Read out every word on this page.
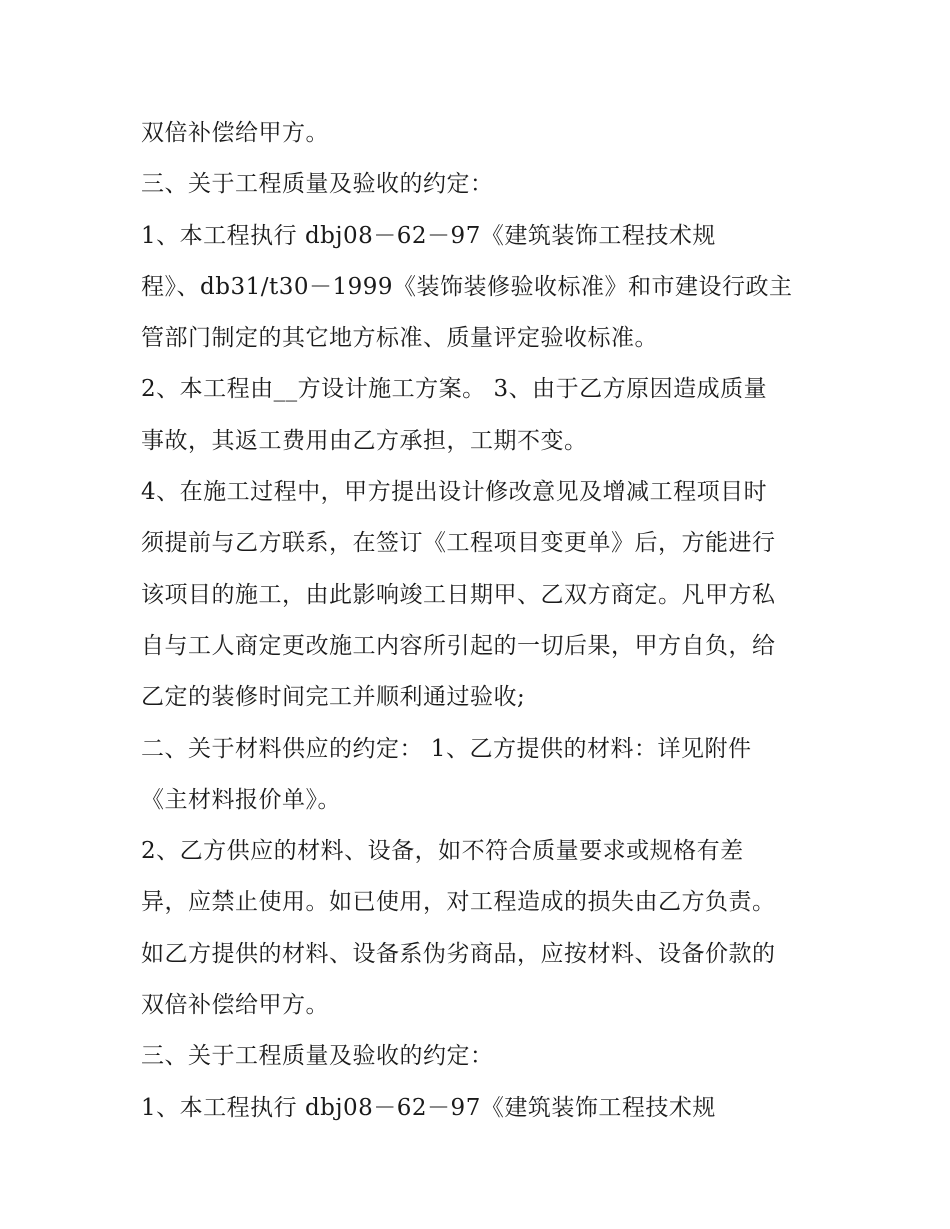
双倍补偿给甲方。
三、关于工程质量及验收的约定：
1、本工程执行 dbj08－62－97《建筑装饰工程技术规
程》、db31/t30－1999《装饰装修验收标准》和市建设行政主
管部门制定的其它地方标准、质量评定验收标准。
2、本工程由__方设计施工方案。 3、由于乙方原因造成质量
事故，其返工费用由乙方承担，工期不变。
4、在施工过程中，甲方提出设计修改意见及增减工程项目时
须提前与乙方联系，在签订《工程项目变更单》后，方能进行
该项目的施工，由此影响竣工日期甲、乙双方商定。凡甲方私
自与工人商定更改施工内容所引起的一切后果，甲方自负，给
乙定的装修时间完工并顺利通过验收;
二、关于材料供应的约定： 1、乙方提供的材料：详见附件
《主材料报价单》。
2、乙方供应的材料、设备，如不符合质量要求或规格有差
异，应禁止使用。如已使用，对工程造成的损失由乙方负责。
如乙方提供的材料、设备系伪劣商品，应按材料、设备价款的
双倍补偿给甲方。
三、关于工程质量及验收的约定：
1、本工程执行 dbj08－62－97《建筑装饰工程技术规
